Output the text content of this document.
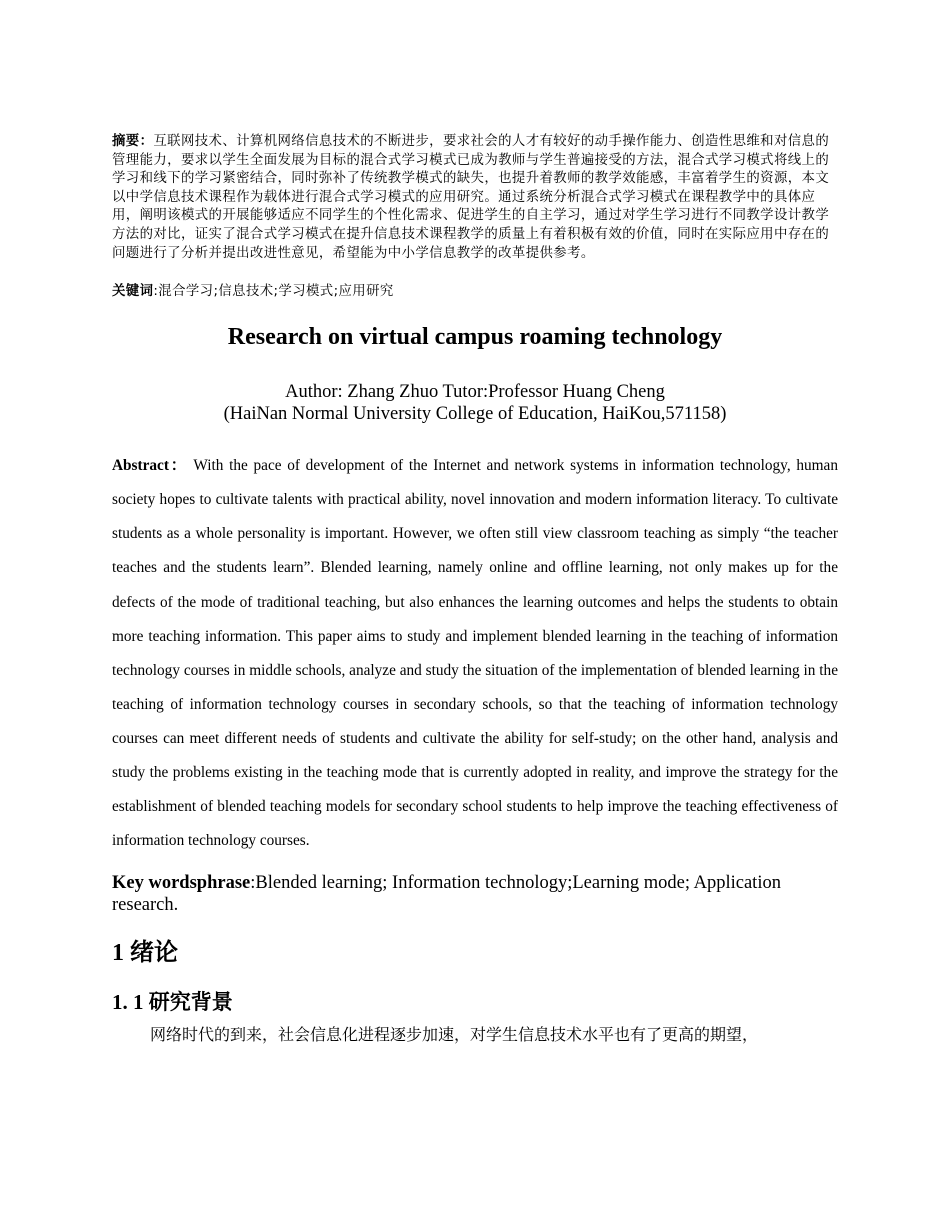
摘要：互联网技术、计算机网络信息技术的不断进步，要求社会的人才有较好的动手操作能力、创造性思维和对信息的管理能力，要求以学生全面发展为目标的混合式学习模式已成为教师与学生普遍接受的方法，混合式学习模式将线上的学习和线下的学习紧密结合，同时弥补了传统教学模式的缺失，也提升着教师的教学效能感，丰富着学生的资源，本文以中学信息技术课程作为载体进行混合式学习模式的应用研究。通过系统分析混合式学习模式在课程教学中的具体应用，阐明该模式的开展能够适应不同学生的个性化需求、促进学生的自主学习，通过对学生学习进行不同教学设计教学方法的对比，证实了混合式学习模式在提升信息技术课程教学的质量上有着积极有效的价值，同时在实际应用中存在的问题进行了分析并提出改进性意见，希望能为中小学信息教学的改革提供参考。

关键词:混合学习;信息技术;学习模式;应用研究

Research on virtual campus roaming technology
Author: Zhang Zhuo Tutor:Professor Huang Cheng
(HaiNan Normal University College of Education, HaiKou,571158)

Abstract： With the pace of development of the Internet and network systems in information technology, human society hopes to cultivate talents with practical ability, novel innovation and modern information literacy. To cultivate students as a whole personality is important. However, we often still view classroom teaching as simply “the teacher teaches and the students learn”. Blended learning, namely online and offline learning, not only makes up for the defects of the mode of traditional teaching, but also enhances the learning outcomes and helps the students to obtain more teaching information. This paper aims to study and implement blended learning in the teaching of information technology courses in middle schools, analyze and study the situation of the implementation of blended learning in the teaching of information technology courses in secondary schools, so that the teaching of information technology courses can meet different needs of students and cultivate the ability for self-study; on the other hand, analysis and study the problems existing in the teaching mode that is currently adopted in reality, and improve the strategy for the establishment of blended teaching models for secondary school students to help improve the teaching effectiveness of information technology courses.

Key wordsphrase:Blended learning; Information technology;Learning mode; Application research.

1 绪论
1. 1 研究背景

网络时代的到来，社会信息化进程逐步加速，对学生信息技术水平也有了更高的期望，
